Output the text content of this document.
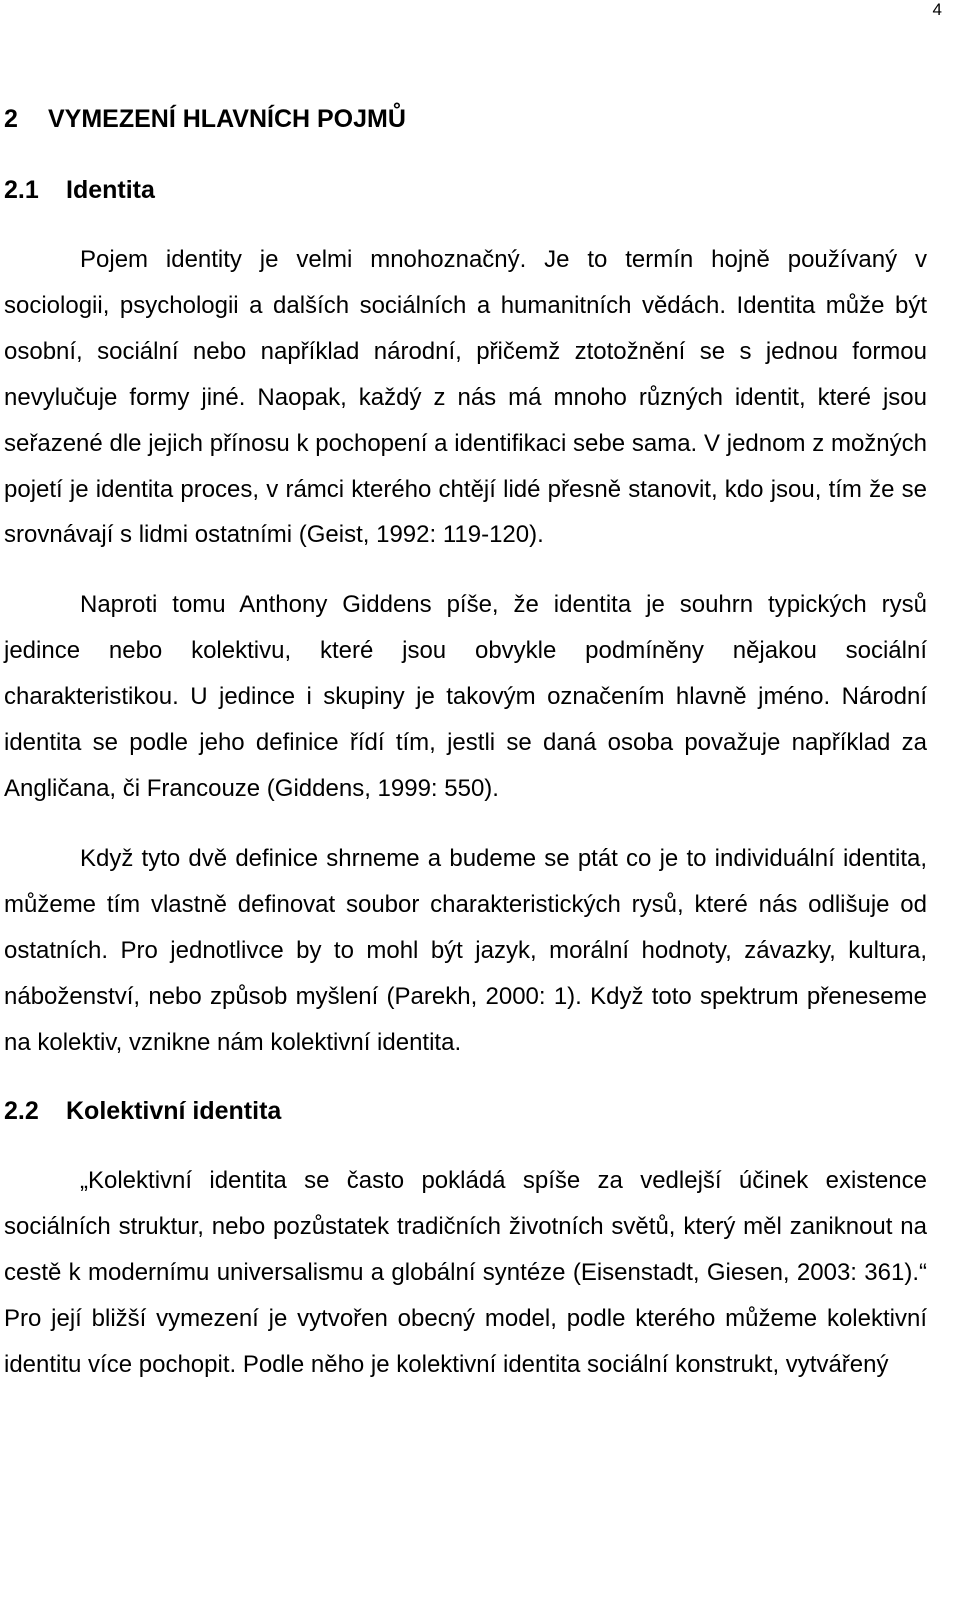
4
2 VYMEZENÍ HLAVNÍCH POJMŮ
2.1 Identita

Pojem identity je velmi mnohoznačný. Je to termín hojně používaný v sociologii, psychologii a dalších sociálních a humanitních vědách. Identita může být osobní, sociální nebo například národní, přičemž ztotožnění se s jednou formou nevylučuje formy jiné. Naopak, každý z nás má mnoho různých identit, které jsou seřazené dle jejich přínosu k pochopení a identifikaci sebe sama. V jednom z možných pojetí je identita proces, v rámci kterého chtějí lidé přesně stanovit, kdo jsou, tím že se srovnávají s lidmi ostatními (Geist, 1992: 119-120).

Naproti tomu Anthony Giddens píše, že identita je souhrn typických rysů jedince nebo kolektivu, které jsou obvykle podmíněny nějakou sociální charakteristikou. U jedince i skupiny je takovým označením hlavně jméno. Národní identita se podle jeho definice řídí tím, jestli se daná osoba považuje například za Angličana, či Francouze (Giddens, 1999: 550).

Když tyto dvě definice shrneme a budeme se ptát co je to individuální identita, můžeme tím vlastně definovat soubor charakteristických rysů, které nás odlišuje od ostatních. Pro jednotlivce by to mohl být jazyk, morální hodnoty, závazky, kultura, náboženství, nebo způsob myšlení (Parekh, 2000: 1). Když toto spektrum přeneseme na kolektiv, vznikne nám kolektivní identita.

2.2 Kolektivní identita

„Kolektivní identita se často pokládá spíše za vedlejší účinek existence sociálních struktur, nebo pozůstatek tradičních životních světů, který měl zaniknout na cestě k modernímu universalismu a globální syntéze (Eisenstadt, Giesen, 2003: 361).“ Pro její bližší vymezení je vytvořen obecný model, podle kterého můžeme kolektivní identitu více pochopit. Podle něho je kolektivní identita sociální konstrukt, vytvářený
